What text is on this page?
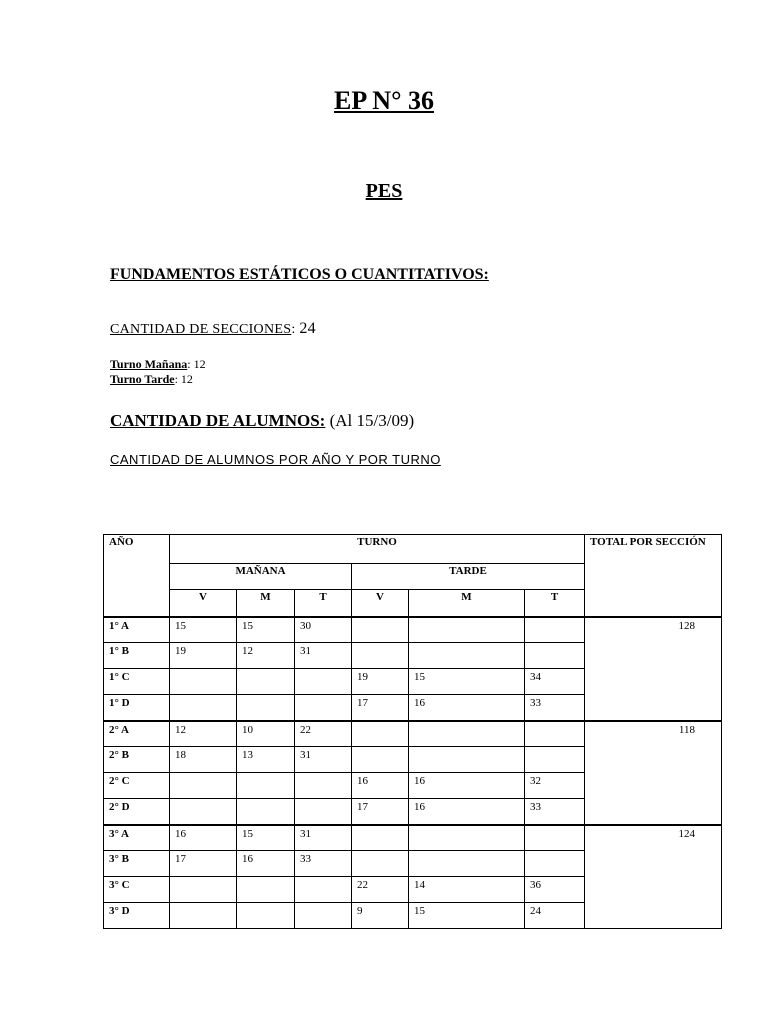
EP N° 36
PES
FUNDAMENTOS ESTÁTICOS O CUANTITATIVOS:
CANTIDAD DE SECCIONES: 24
Turno Mañana: 12
Turno Tarde: 12
CANTIDAD DE ALUMNOS: (Al 15/3/09)
CANTIDAD DE ALUMNOS POR AÑO Y POR TURNO
AÑO	TURNO						TOTAL POR SECCIÓN
	MAÑANA			TARDE			
	V	M	T	V	M	T	
1° A	15	15	30				128
1° B	19	12	31				
1° C				19	15	34	
1° D				17	16	33	
2° A	12	10	22				118
2° B	18	13	31				
2° C				16	16	32	
2° D				17	16	33	
3° A	16	15	31				124
3° B	17	16	33				
3° C				22	14	36	
3° D				9	15	24	
